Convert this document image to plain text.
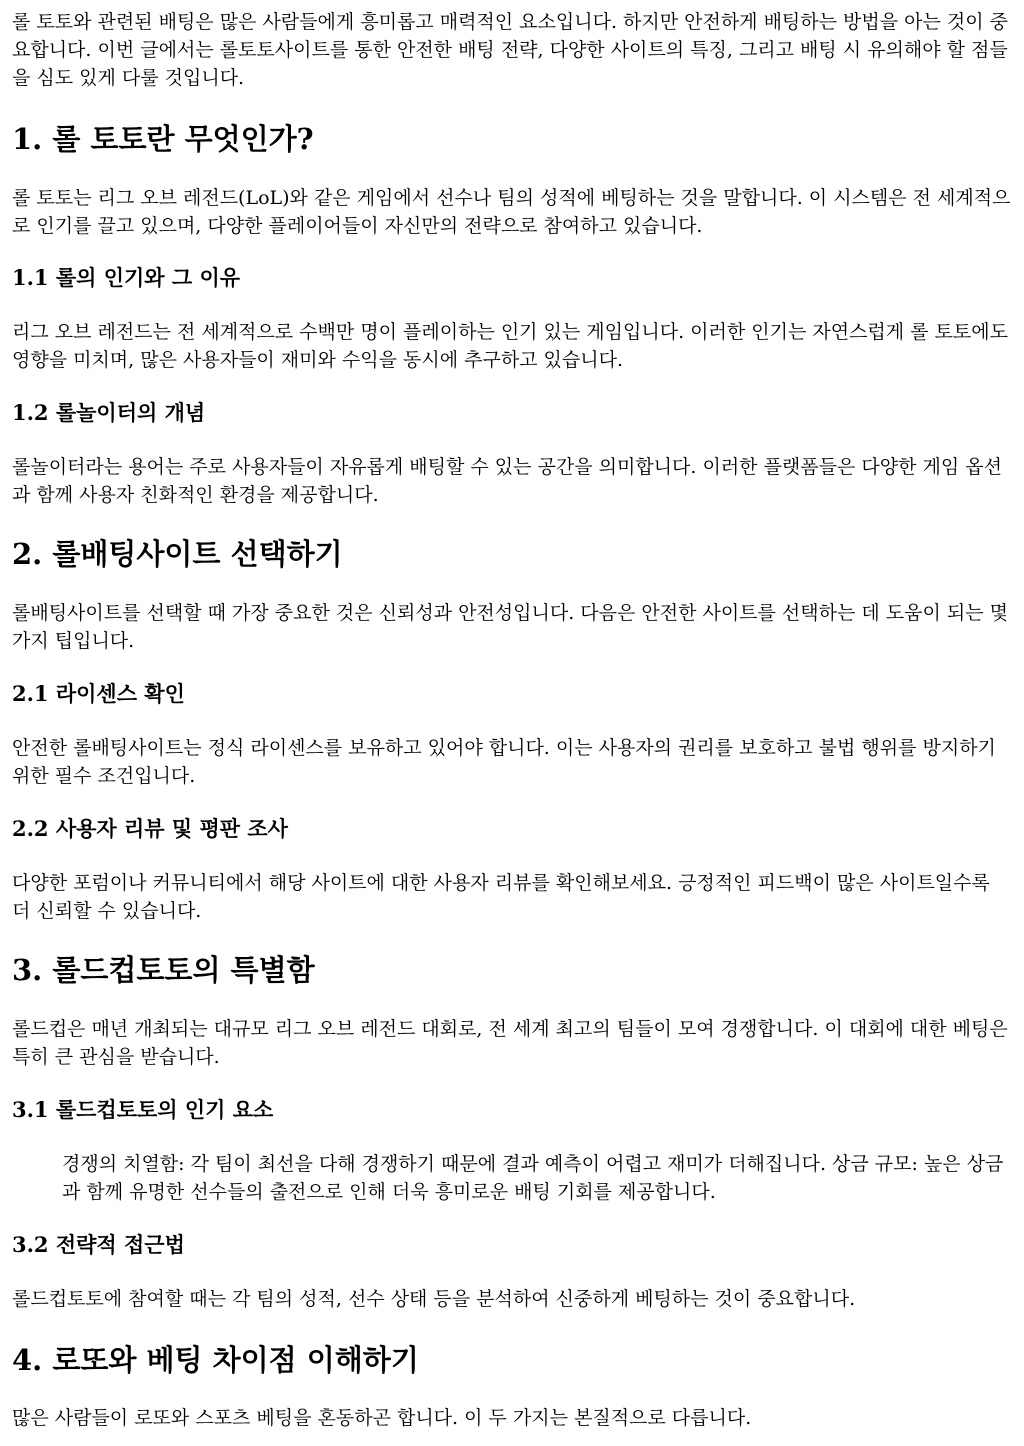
롤 토토와 관련된 배팅은 많은 사람들에게 흥미롭고 매력적인 요소입니다. 하지만 안전하게 배팅하는 방법을 아는 것이 중요합니다. 이번 글에서는 롤토토사이트를 통한 안전한 배팅 전략, 다양한 사이트의 특징, 그리고 배팅 시 유의해야 할 점들을 심도 있게 다룰 것입니다.

1. 롤 토토란 무엇인가?

롤 토토는 리그 오브 레전드(LoL)와 같은 게임에서 선수나 팀의 성적에 베팅하는 것을 말합니다. 이 시스템은 전 세계적으로 인기를 끌고 있으며, 다양한 플레이어들이 자신만의 전략으로 참여하고 있습니다.

1.1 롤의 인기와 그 이유

리그 오브 레전드는 전 세계적으로 수백만 명이 플레이하는 인기 있는 게임입니다. 이러한 인기는 자연스럽게 롤 토토에도 영향을 미치며, 많은 사용자들이 재미와 수익을 동시에 추구하고 있습니다.

1.2 롤놀이터의 개념

롤놀이터라는 용어는 주로 사용자들이 자유롭게 배팅할 수 있는 공간을 의미합니다. 이러한 플랫폼들은 다양한 게임 옵션과 함께 사용자 친화적인 환경을 제공합니다.

2. 롤배팅사이트 선택하기

롤배팅사이트를 선택할 때 가장 중요한 것은 신뢰성과 안전성입니다. 다음은 안전한 사이트를 선택하는 데 도움이 되는 몇 가지 팁입니다.

2.1 라이센스 확인

안전한 롤배팅사이트는 정식 라이센스를 보유하고 있어야 합니다. 이는 사용자의 권리를 보호하고 불법 행위를 방지하기 위한 필수 조건입니다.

2.2 사용자 리뷰 및 평판 조사

다양한 포럼이나 커뮤니티에서 해당 사이트에 대한 사용자 리뷰를 확인해보세요. 긍정적인 피드백이 많은 사이트일수록 더 신뢰할 수 있습니다.

3. 롤드컵토토의 특별함

롤드컵은 매년 개최되는 대규모 리그 오브 레전드 대회로, 전 세계 최고의 팀들이 모여 경쟁합니다. 이 대회에 대한 베팅은 특히 큰 관심을 받습니다.

3.1 롤드컵토토의 인기 요소
경쟁의 치열함: 각 팀이 최선을 다해 경쟁하기 때문에 결과 예측이 어렵고 재미가 더해집니다. 상금 규모: 높은 상금과 함께 유명한 선수들의 출전으로 인해 더욱 흥미로운 배팅 기회를 제공합니다.
3.2 전략적 접근법

롤드컵토토에 참여할 때는 각 팀의 성적, 선수 상태 등을 분석하여 신중하게 베팅하는 것이 중요합니다.

4. 로또와 베팅 차이점 이해하기

많은 사람들이 로또와 스포츠 베팅을 혼동하곤 합니다. 이 두 가지는 본질적으로 다릅니다.
